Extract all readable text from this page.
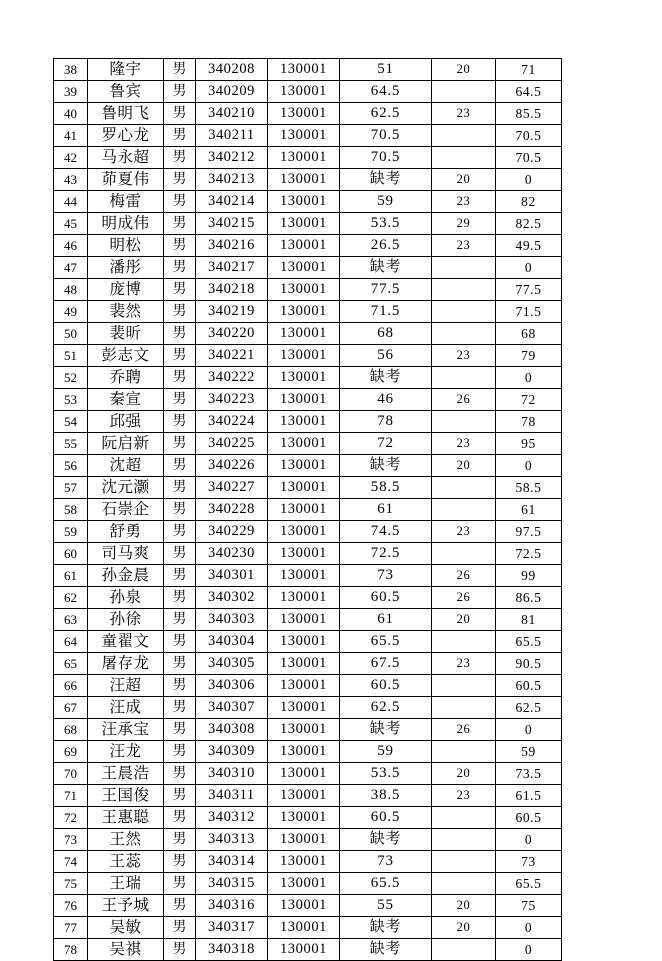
38	隆宇	男	340208	130001	51	20	71
39	鲁宾	男	340209	130001	64.5		64.5
40	鲁明飞	男	340210	130001	62.5	23	85.5
41	罗心龙	男	340211	130001	70.5		70.5
42	马永超	男	340212	130001	70.5		70.5
43	茆夏伟	男	340213	130001	缺考	20	0
44	梅雷	男	340214	130001	59	23	82
45	明成伟	男	340215	130001	53.5	29	82.5
46	明松	男	340216	130001	26.5	23	49.5
47	潘彤	男	340217	130001	缺考		0
48	庞博	男	340218	130001	77.5		77.5
49	裴然	男	340219	130001	71.5		71.5
50	裴昕	男	340220	130001	68		68
51	彭志文	男	340221	130001	56	23	79
52	乔聘	男	340222	130001	缺考		0
53	秦宣	男	340223	130001	46	26	72
54	邱强	男	340224	130001	78		78
55	阮启新	男	340225	130001	72	23	95
56	沈超	男	340226	130001	缺考	20	0
57	沈元灏	男	340227	130001	58.5		58.5
58	石崇企	男	340228	130001	61		61
59	舒勇	男	340229	130001	74.5	23	97.5
60	司马爽	男	340230	130001	72.5		72.5
61	孙金晨	男	340301	130001	73	26	99
62	孙泉	男	340302	130001	60.5	26	86.5
63	孙徐	男	340303	130001	61	20	81
64	童翟文	男	340304	130001	65.5		65.5
65	屠存龙	男	340305	130001	67.5	23	90.5
66	汪超	男	340306	130001	60.5		60.5
67	汪成	男	340307	130001	62.5		62.5
68	汪承宝	男	340308	130001	缺考	26	0
69	汪龙	男	340309	130001	59		59
70	王晨浩	男	340310	130001	53.5	20	73.5
71	王国俊	男	340311	130001	38.5	23	61.5
72	王惠聪	男	340312	130001	60.5		60.5
73	王然	男	340313	130001	缺考		0
74	王蕊	男	340314	130001	73		73
75	王瑞	男	340315	130001	65.5		65.5
76	王予城	男	340316	130001	55	20	75
77	吴敏	男	340317	130001	缺考	20	0
78	吴祺	男	340318	130001	缺考		0
